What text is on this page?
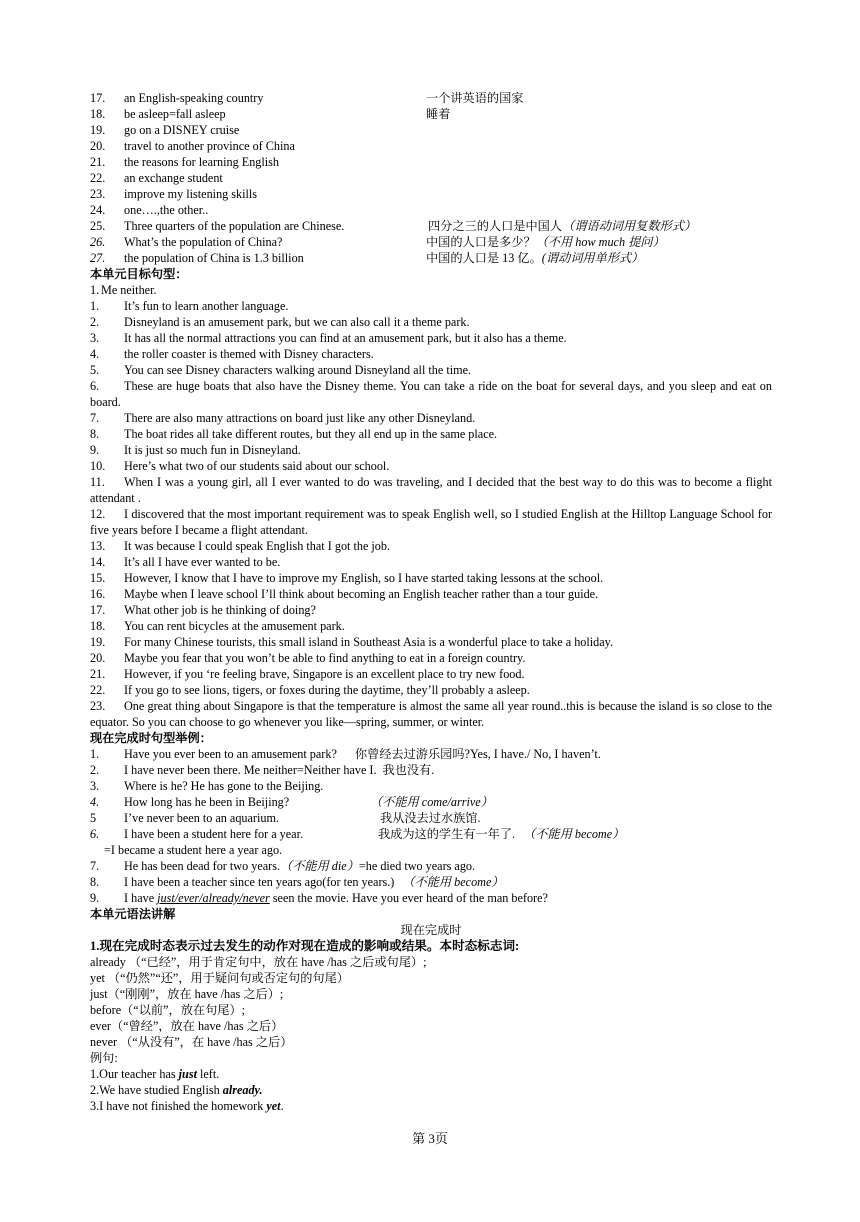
17. an English-speaking country	一个讲英语的国家
18. be asleep=fall asleep	睡着
19. go on a DISNEY cruise
20. travel to another province of China
21. the reasons for learning English
22. an exchange student
23. improve my listening skills
24. one….,the other..
25. Three quarters of the population are Chinese.	四分之三的人口是中国人（谓语动词用复数形式）
26. What’s the population of China?	中国的人口是多少？（不用 how much 提问）
27. the population of China is 1.3 billion	中国的人口是 13 亿。(谓动词用单形式）
本单元目标句型：
1. Me neither.
1. It’s fun to learn another language.
2. Disneyland is an amusement park, but we can also call it a theme park.
3. It has all the normal attractions you can find at an amusement park, but it also has a theme.
4. the roller coaster is themed with Disney characters.
5. You can see Disney characters walking around Disneyland all the time.
6. These are huge boats that also have the Disney theme. You can take a ride on the boat for several days, and you sleep and eat on board.
7. There are also many attractions on board just like any other Disneyland.
8. The boat rides all take different routes, but they all end up in the same place.
9. It is just so much fun in Disneyland.
10. Here’s what two of our students said about our school.
11. When I was a young girl, all I ever wanted to do was traveling, and I decided that the best way to do this was to become a flight attendant .
12. I discovered that the most important requirement was to speak English well, so I studied English at the Hilltop Language School for five years before I became a flight attendant.
13. It was because I could speak English that I got the job.
14. It’s all I have ever wanted to be.
15. However, I know that I have to improve my English, so I have started taking lessons at the school.
16. Maybe when I leave school I’ll think about becoming an English teacher rather than a tour guide.
17. What other job is he thinking of doing?
18. You can rent bicycles at the amusement park.
19. For many Chinese tourists, this small island in Southeast Asia is a wonderful place to take a holiday.
20. Maybe you fear that you won’t be able to find anything to eat in a foreign country.
21. However, if you ‘re feeling brave, Singapore is an excellent place to try new food.
22. If you go to see lions, tigers, or foxes during the daytime, they’ll probably a asleep.
23. One great thing about Singapore is that the temperature is almost the same all year round..this is because the island is so close to the equator. So you can choose to go whenever you like—spring, summer, or winter.
现在完成时句型举例：
1. Have you ever been to an amusement park? 你曾经去过游乐园吗?Yes, I have./ No, I haven’t.
2. I have never been there. Me neither=Neither have I. 我也没有.
3. Where is he? He has gone to the Beijing.
4. How long has he been in Beijing?	（不能用 come/arrive）
5 I’ve never been to an aquarium.	我从没去过水族馆.
6. I have been a student here for a year.	我成为这的学生有一年了. （不能用 become）
=I became a student here a year ago.
7. He has been dead for two years.（不能用 die）=he died two years ago.
8. I have been a teacher since ten years ago(for ten years.) （不能用 become）
9. I have just/ever/already/never seen the movie. Have you ever heard of the man before?
本单元语法讲解
现在完成时
1.现在完成时态表示过去发生的动作对现在造成的影响或结果。本时态标志词:
already （“已经”，用于肯定句中，放在 have /has 之后或句尾）;
yet （“仍然”“还”，用于疑问句或否定句的句尾）
just（“刚刚”，放在 have /has 之后）;
before（“以前”，放在句尾）;
ever（“曾经”，放在 have /has 之后）
never （“从没有”，在 have /has 之后）
例句:
1.Our teacher has just left.
2.We have studied English already.
3.I have not finished the homework yet.
第 3页
